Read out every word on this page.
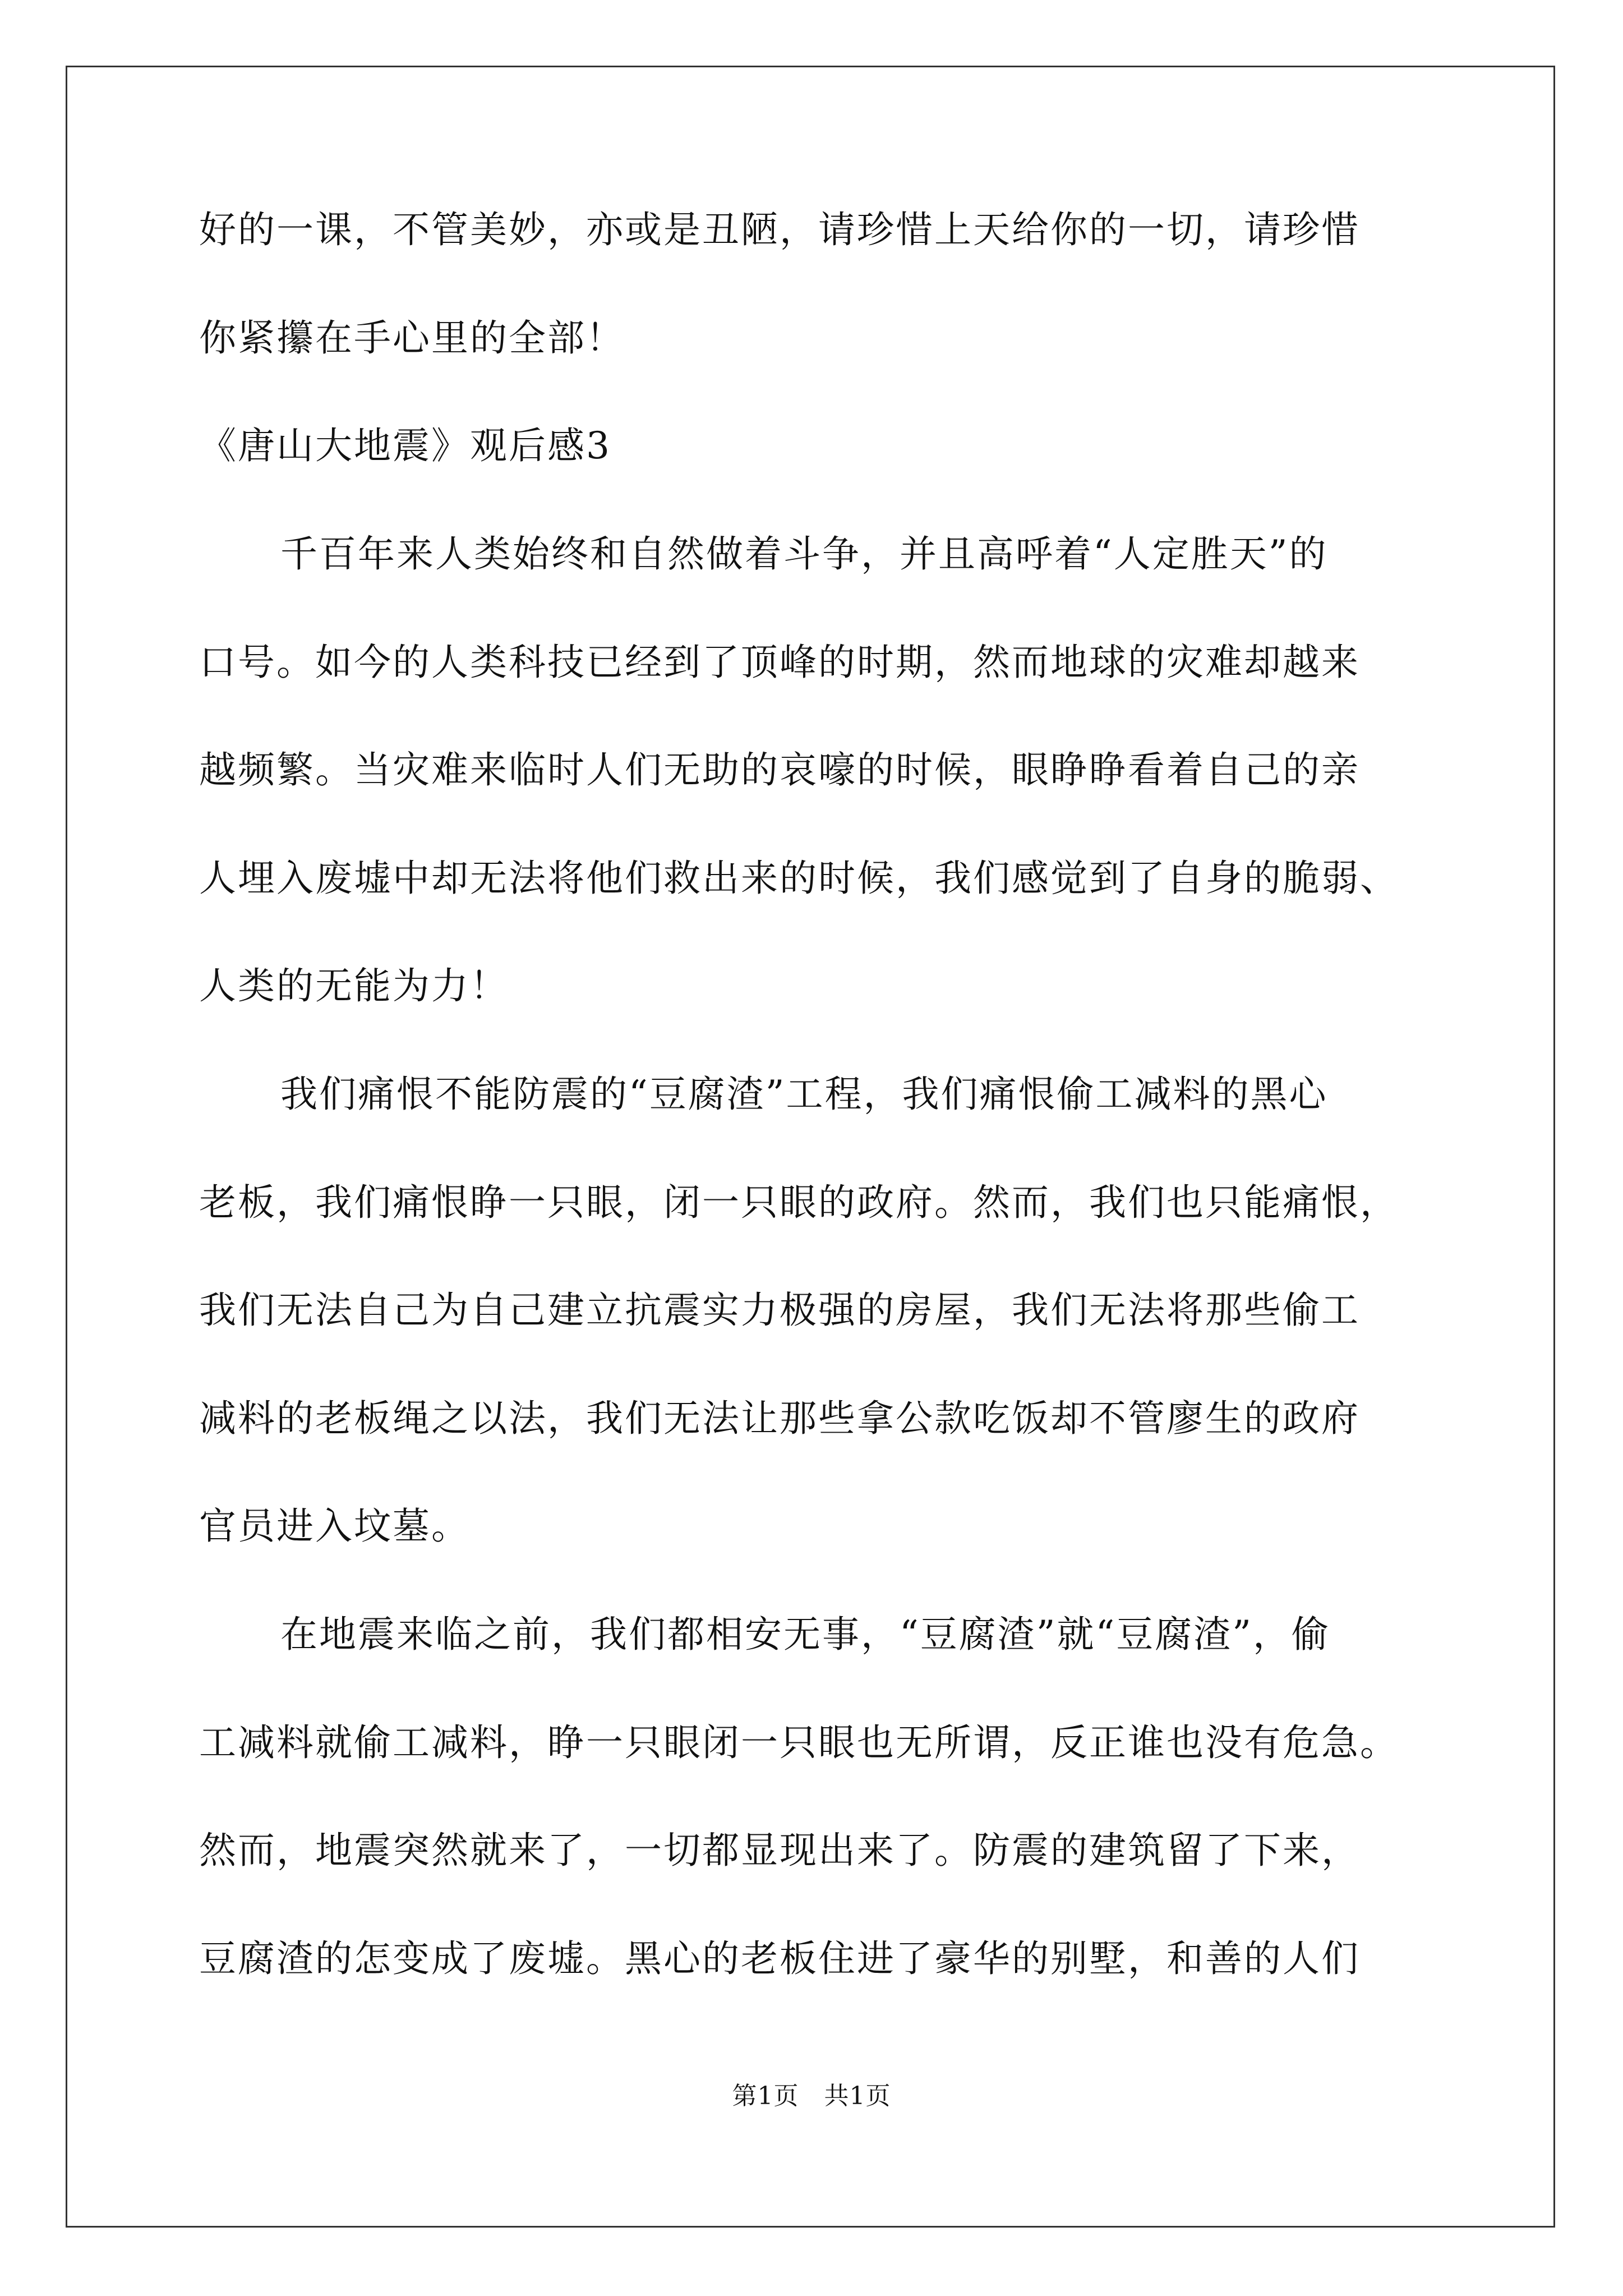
好的一课，不管美妙，亦或是丑陋，请珍惜上天给你的一切，请珍惜
你紧攥在手心里的全部！
《唐山大地震》观后感3
千百年来人类始终和自然做着斗争，并且高呼着“人定胜天”的
口号。如今的人类科技已经到了顶峰的时期，然而地球的灾难却越来
越频繁。当灾难来临时人们无助的哀嚎的时候，眼睁睁看着自己的亲
人埋入废墟中却无法将他们救出来的时候，我们感觉到了自身的脆弱、
人类的无能为力！
我们痛恨不能防震的“豆腐渣”工程，我们痛恨偷工减料的黑心
老板，我们痛恨睁一只眼，闭一只眼的政府。然而，我们也只能痛恨，
我们无法自己为自己建立抗震实力极强的房屋，我们无法将那些偷工
减料的老板绳之以法，我们无法让那些拿公款吃饭却不管廖生的政府
官员进入坟墓。
在地震来临之前，我们都相安无事，“豆腐渣”就“豆腐渣”，偷
工减料就偷工减料，睁一只眼闭一只眼也无所谓，反正谁也没有危急。
然而，地震突然就来了，一切都显现出来了。防震的建筑留了下来，
豆腐渣的怎变成了废墟。黑心的老板住进了豪华的别墅，和善的人们
第1页　共1页
